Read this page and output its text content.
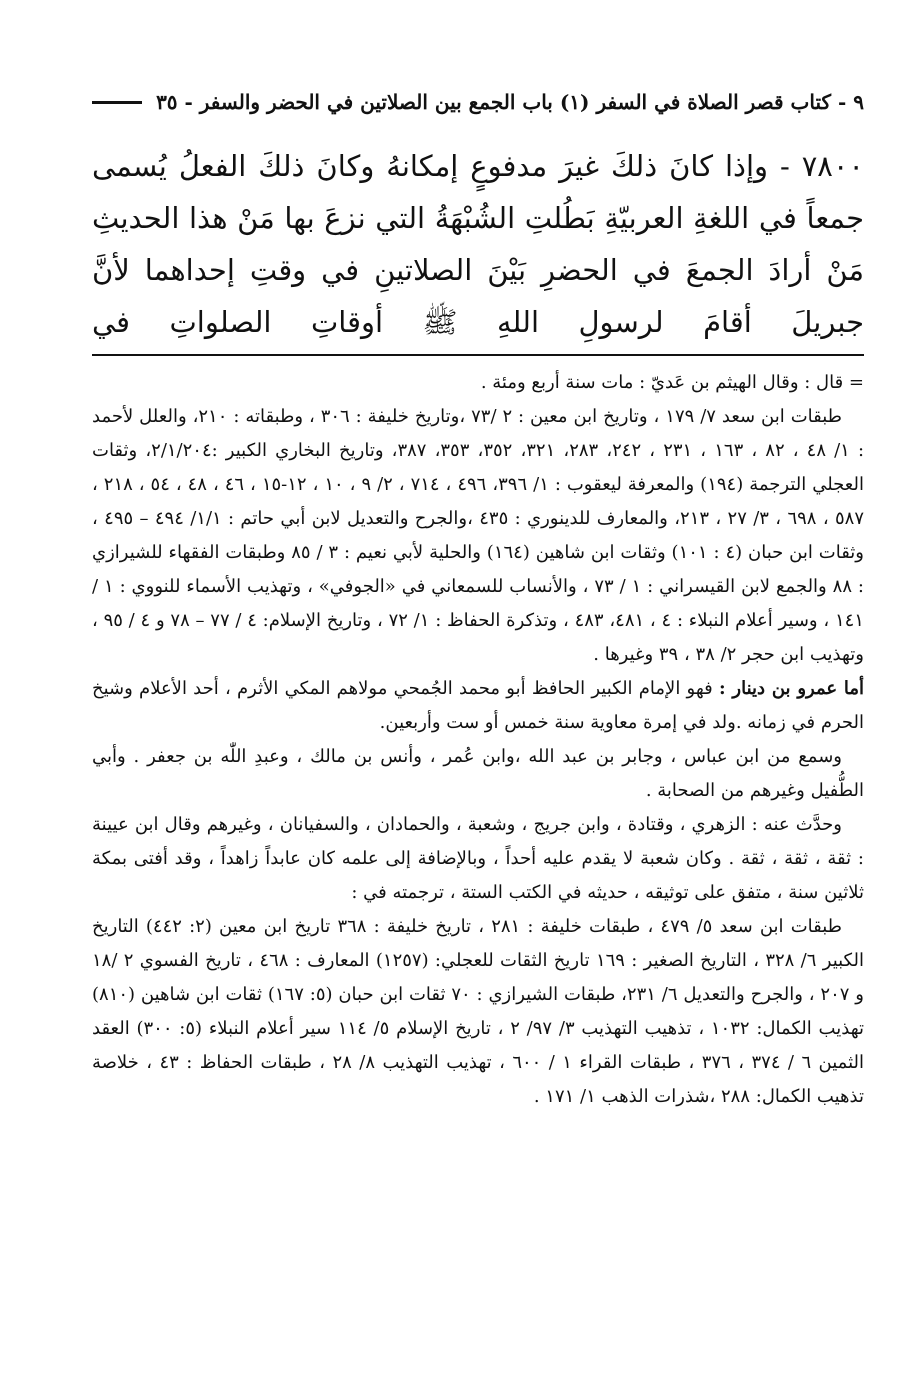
٩ - كتاب قصر الصلاة في السفر (١) باب الجمع بين الصلاتين في الحضر والسفر - ٣٥
٧٨٠٠ - وإذا كانَ ذلكَ غيرَ مدفوعٍ إمكانهُ وكانَ ذلكَ الفعلُ يُسمى جمعاً في اللغةِ العربيّةِ بَطُلتِ الشُبْهَةُ التي نزعَ بها مَنْ هذا الحديثِ مَنْ أرادَ الجمعَ في الحضرِ بَيْنَ الصلاتينِ في وقتِ إحداهما لأنَّ جبريلَ أقامَ لرسولِ اللهِ ﷺ أوقاتِ الصلواتِ في

= قال : وقال الهيثم بن عَديّ : مات سنة أربع ومئة .

طبقات ابن سعد ٧/ ١٧٩ ، وتاريخ ابن معين : ٢ /٧٣ ،وتاريخ خليفة : ٣٠٦ ، وطبقاته : ٢١٠، والعلل لأحمد : ١/ ٤٨ ، ٨٢ ، ١٦٣ ، ٢٣١ ، ٢٤٢، ٢٨٣، ٣٢١، ٣٥٢، ٣٥٣، ٣٨٧، وتاريخ البخاري الكبير :٢/١/٢٠٤، وثقات العجلي الترجمة (١٩٤) والمعرفة ليعقوب : ١/ ٣٩٦، ٤٩٦ ، ٧١٤ ، ٢/ ٩ ، ١٠ ، ١٢-١٥ ، ٤٦ ، ٤٨ ، ٥٤ ، ٢١٨ ، ٥٨٧ ، ٦٩٨ ، ٣/ ٢٧ ، ٢١٣، والمعارف للدينوري : ٤٣٥ ،والجرح والتعديل لابن أبي حاتم : ١/١/ ٤٩٤ – ٤٩٥ ، وثقات ابن حبان (٤ : ١٠١) وثقات ابن شاهين (١٦٤) والحلية لأبي نعيم : ٣ / ٨٥ وطبقات الفقهاء للشيرازي : ٨٨ والجمع لابن القيسراني : ١ / ٧٣ ، والأنساب للسمعاني في «الجوفي» ، وتهذيب الأسماء للنووي : ١ / ١٤١ ، وسير أعلام النبلاء : ٤ ، ٤٨١، ٤٨٣ ، وتذكرة الحفاظ : ١/ ٧٢ ، وتاريخ الإسلام: ٤ / ٧٧ – ٧٨ و ٤ / ٩٥ ، وتهذيب ابن حجر ٢/ ٣٨ ، ٣٩ وغيرها .

أما عمرو بن دينار : فهو الإمام الكبير الحافظ أبو محمد الجُمحي مولاهم المكي الأثرم ، أحد الأعلام وشيخ الحرم في زمانه .ولد في إمرة معاوية سنة خمس أو ست وأربعين.

وسمع من ابن عباس ، وجابر بن عبد الله ،وابن عُمر ، وأنس بن مالك ، وعبدِ اللّٰه بن جعفر . وأبي الطُّفيل وغيرهم من الصحابة .

وحدَّث عنه : الزهري ، وقتادة ، وابن جريج ، وشعبة ، والحمادان ، والسفيانان ، وغيرهم وقال ابن عيينة : ثقة ، ثقة ، ثقة . وكان شعبة لا يقدم عليه أحداً ، وبالإضافة إلى علمه كان عابداً زاهداً ، وقد أفتى بمكة ثلاثين سنة ، متفق على توثيقه ، حديثه في الكتب الستة ، ترجمته في :

طبقات ابن سعد ٥/ ٤٧٩ ، طبقات خليفة : ٢٨١ ، تاريخ خليفة : ٣٦٨ تاريخ ابن معين (٢: ٤٤٢) التاريخ الكبير ٦/ ٣٢٨ ، التاريخ الصغير : ١٦٩ تاريخ الثقات للعجلي: (١٢٥٧) المعارف : ٤٦٨ ، تاريخ الفسوي ٢ /١٨ و ٢٠٧ ، والجرح والتعديل ٦/ ٢٣١، طبقات الشيرازي : ٧٠ ثقات ابن حبان (٥: ١٦٧) ثقات ابن شاهين (٨١٠) تهذيب الكمال: ١٠٣٢ ، تذهيب التهذيب ٣/ ٩٧/ ٢ ، تاريخ الإسلام ٥/ ١١٤ سير أعلام النبلاء (٥: ٣٠٠) العقد الثمين ٦ / ٣٧٤ ، ٣٧٦ ، طبقات القراء ١ / ٦٠٠ ، تهذيب التهذيب ٨/ ٢٨ ، طبقات الحفاظ : ٤٣ ، خلاصة تذهيب الكمال: ٢٨٨ ،شذرات الذهب ١/ ١٧١ .
